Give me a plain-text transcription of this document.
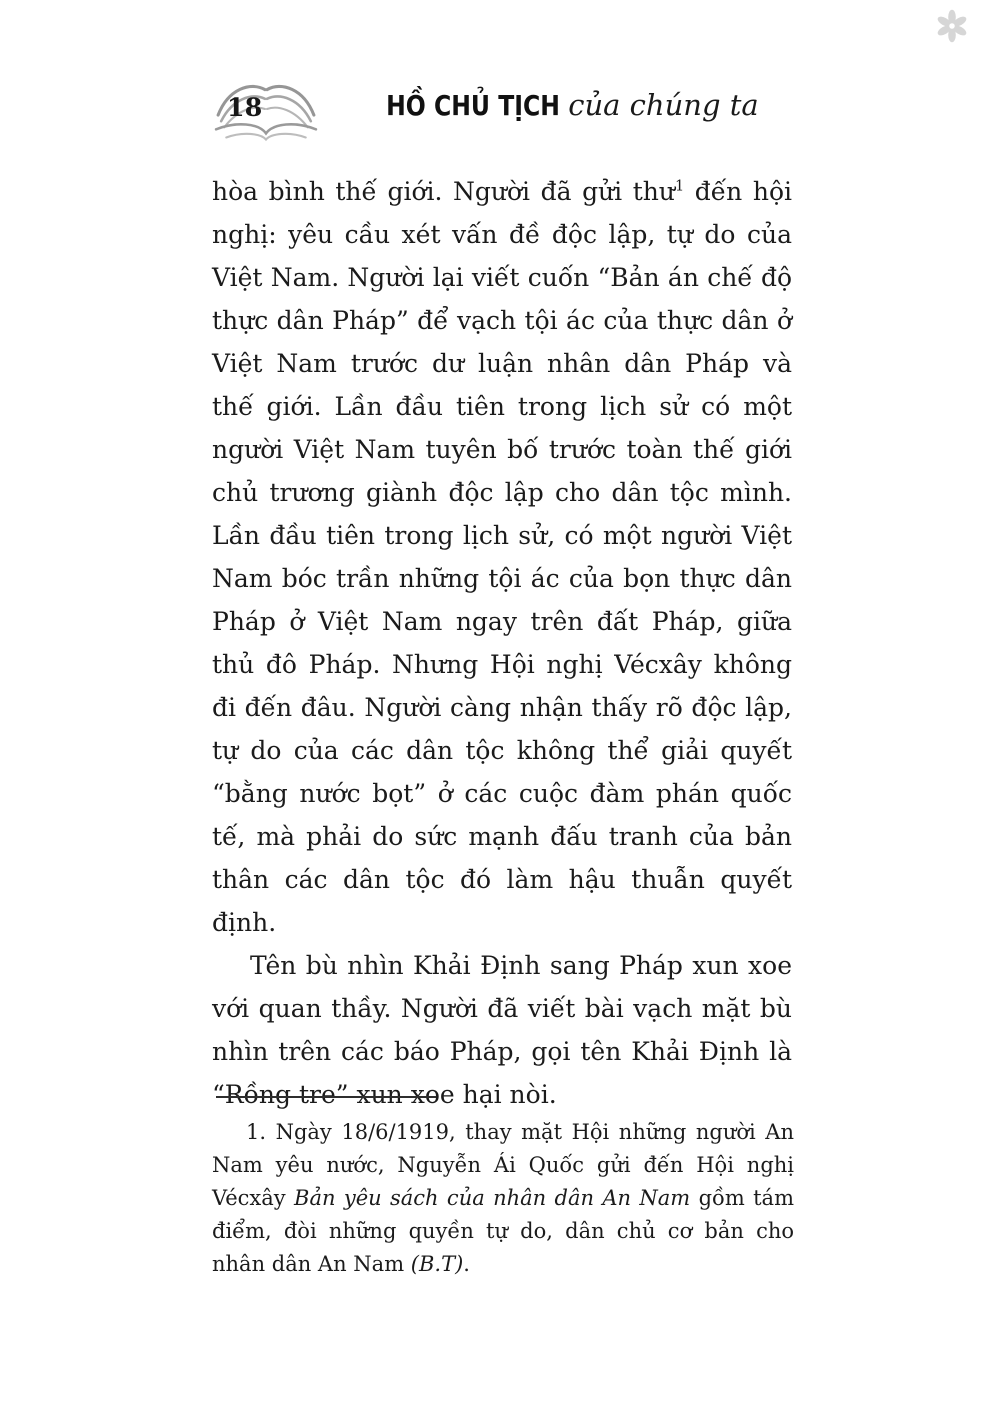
18	HỒ CHỦ TỊCH của chúng ta

hòa bình thế giới. Người đã gửi thư$^1$ đến hội nghị: yêu cầu xét vấn đề độc lập, tự do của Việt Nam. Người lại viết cuốn “Bản án chế độ thực dân Pháp” để vạch tội ác của thực dân ở Việt Nam trước dư luận nhân dân Pháp và thế giới. Lần đầu tiên trong lịch sử có một người Việt Nam tuyên bố trước toàn thế giới chủ trương giành độc lập cho dân tộc mình. Lần đầu tiên trong lịch sử, có một người Việt Nam bóc trần những tội ác của bọn thực dân Pháp ở Việt Nam ngay trên đất Pháp, giữa thủ đô Pháp. Nhưng Hội nghị Vécxây không đi đến đâu. Người càng nhận thấy rõ độc lập, tự do của các dân tộc không thể giải quyết “bằng nước bọt” ở các cuộc đàm phán quốc tế, mà phải do sức mạnh đấu tranh của bản thân các dân tộc đó làm hậu thuẫn quyết định.

Tên bù nhìn Khải Định sang Pháp xun xoe với quan thầy. Người đã viết bài vạch mặt bù nhìn trên các báo Pháp, gọi tên Khải Định là “Rồng tre” xun xoe hại nòi.

1. Ngày 18/6/1919, thay mặt Hội những người An Nam yêu nước, Nguyễn Ái Quốc gửi đến Hội nghị Vécxây Bản yêu sách của nhân dân An Nam gồm tám điểm, đòi những quyền tự do, dân chủ cơ bản cho nhân dân An Nam (B.T).
